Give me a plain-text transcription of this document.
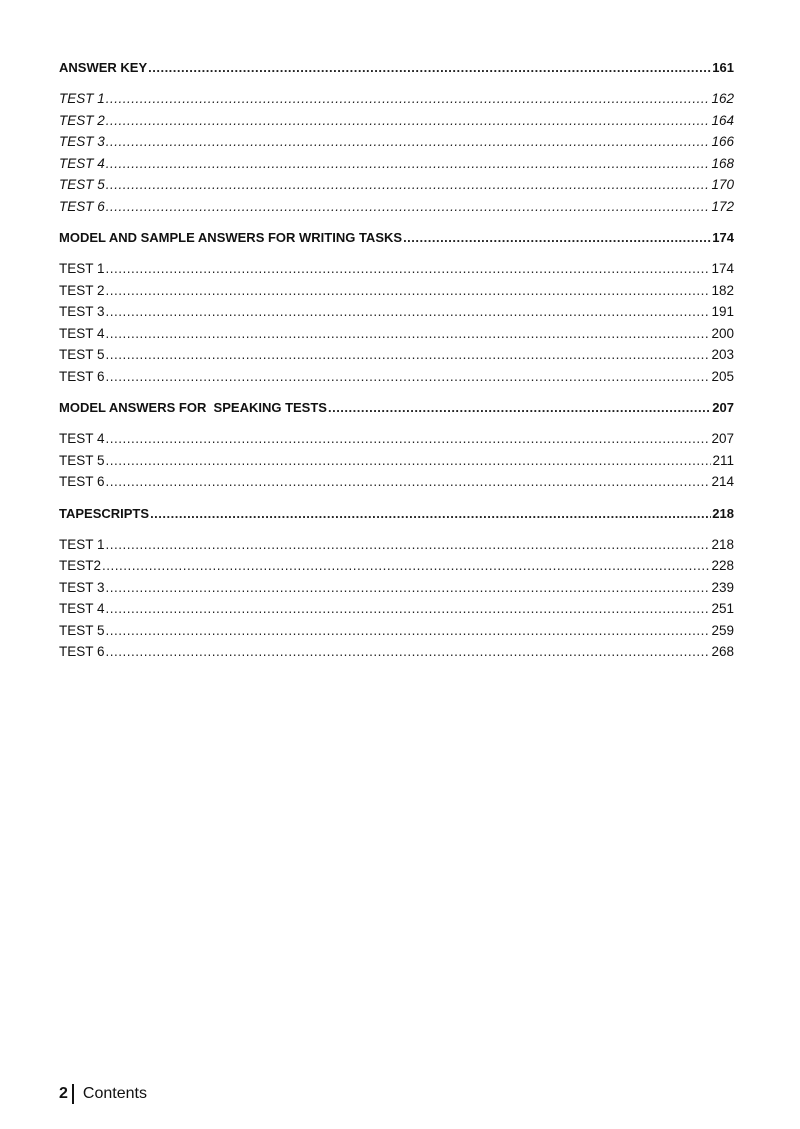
ANSWER KEY .....	161
TEST 1 .....	162
TEST 2 .....	164
TEST 3 .....	166
TEST 4 .....	168
TEST 5 .....	170
TEST 6 .....	172
MODEL AND SAMPLE ANSWERS FOR WRITING TASKS .....	174
TEST 1 .....	174
TEST 2 .....	182
TEST 3 .....	191
TEST 4 .....	200
TEST 5 .....	203
TEST 6 .....	205
MODEL ANSWERS FOR  SPEAKING TESTS .....	207
TEST 4 .....	207
TEST 5 .....	211
TEST 6 .....	214
TAPESCRIPTS .....	218
TEST 1 .....	218
TEST2 .....	228
TEST 3 .....	239
TEST 4 .....	251
TEST 5 .....	259
TEST 6 .....	268
2 Contents
